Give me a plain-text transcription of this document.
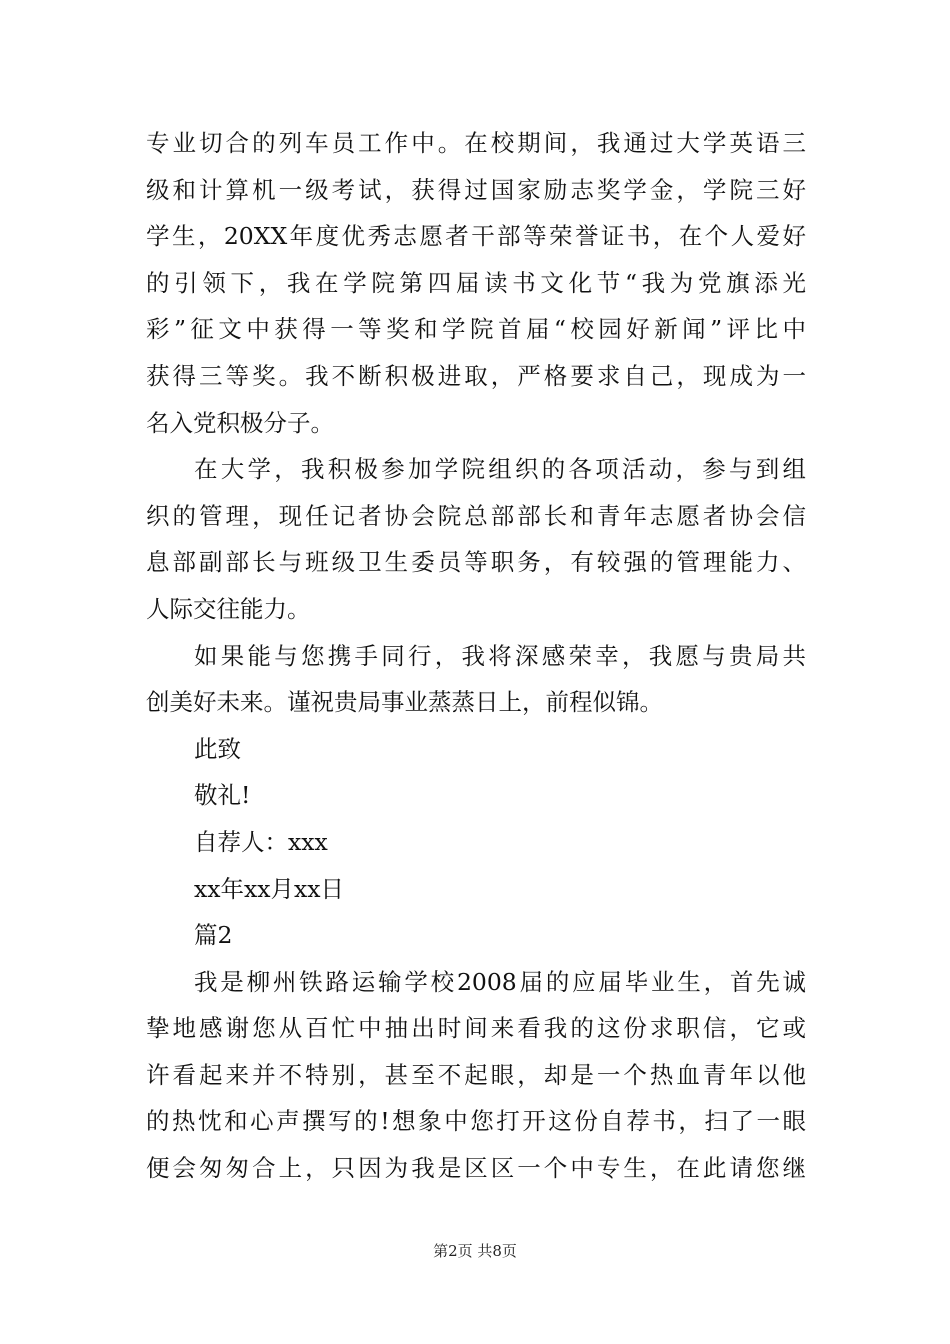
专业切合的列车员工作中。在校期间，我通过大学英语三
级和计算机一级考试，获得过国家励志奖学金，学院三好
学生，20XX年度优秀志愿者干部等荣誉证书，在个人爱好
的引领下，我在学院第四届读书文化节“我为党旗添光
彩”征文中获得一等奖和学院首届“校园好新闻”评比中
获得三等奖。我不断积极进取，严格要求自己，现成为一
名入党积极分子。
在大学，我积极参加学院组织的各项活动，参与到组
织的管理，现任记者协会院总部部长和青年志愿者协会信
息部副部长与班级卫生委员等职务，有较强的管理能力、
人际交往能力。
如果能与您携手同行，我将深感荣幸，我愿与贵局共
创美好未来。谨祝贵局事业蒸蒸日上，前程似锦。
此致
敬礼!
自荐人：xxx
xx年xx月xx日
篇2
我是柳州铁路运输学校2008届的应届毕业生，首先诚
挚地感谢您从百忙中抽出时间来看我的这份求职信，它或
许看起来并不特别，甚至不起眼，却是一个热血青年以他
的热忱和心声撰写的!想象中您打开这份自荐书，扫了一眼
便会匆匆合上，只因为我是区区一个中专生，在此请您继
第2页 共8页
